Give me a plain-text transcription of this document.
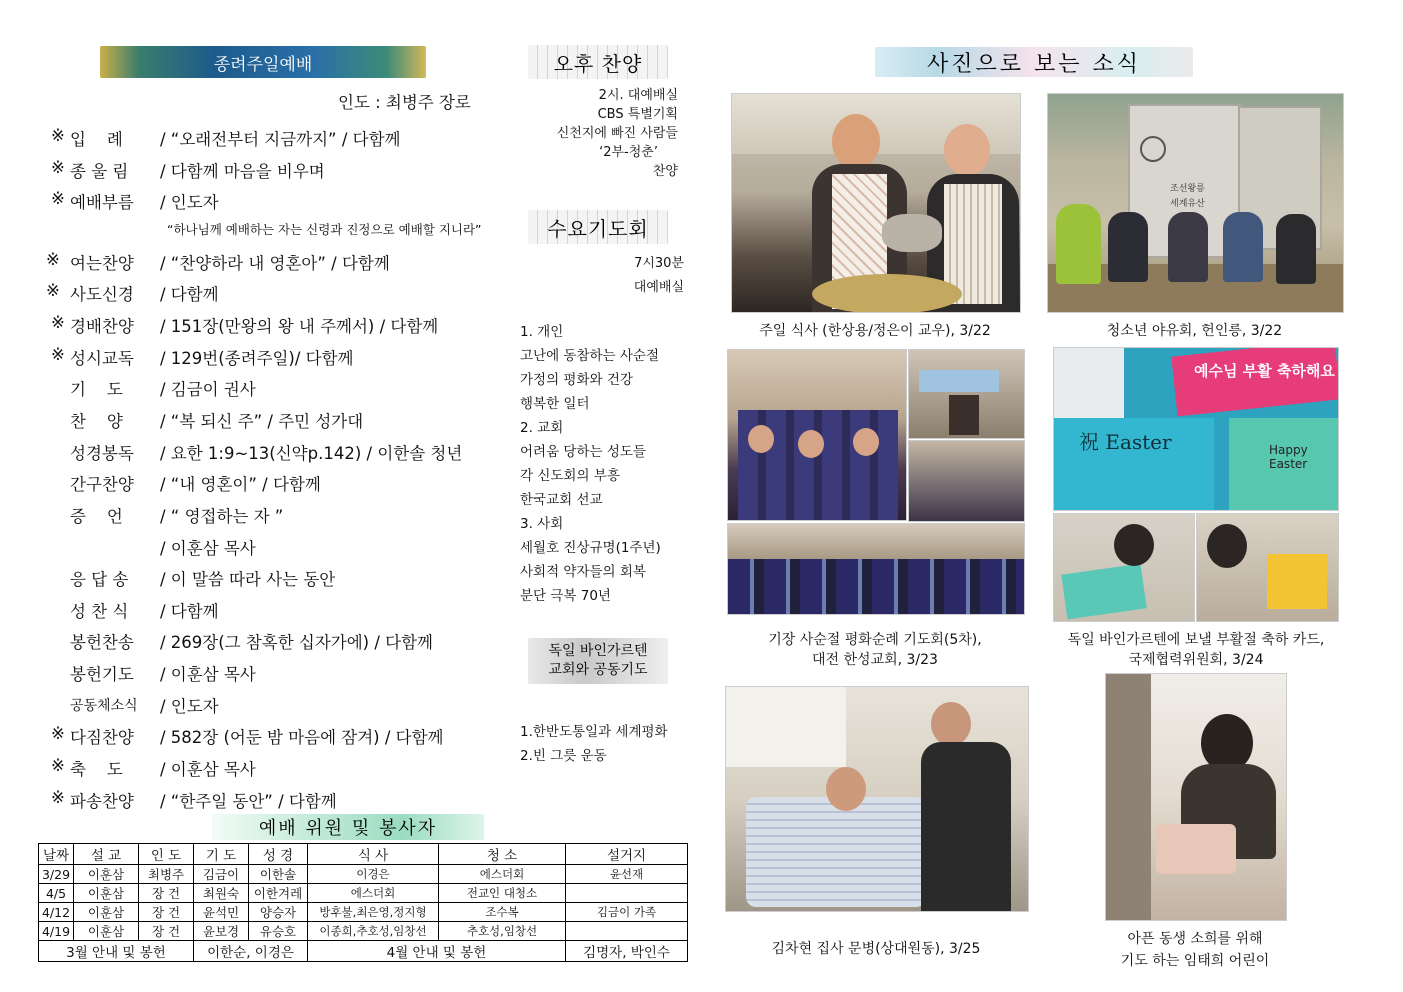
종려주일예배
인도 : 최병주 장로
※ 입    례	/ “오래전부터 지금까지” / 다함께
※ 종 울 림	/ 다함께 마음을 비우며
※ 예배부름	/ 인도자
※ 여는찬양	/ “찬양하라 내 영혼아” / 다함께
※ 사도신경	/ 다함께
※ 경배찬양	/ 151장(만왕의 왕 내 주께서) / 다함께
※ 성시교독	/ 129번(종려주일)/ 다함께
기    도	/ 김금이 권사
찬    양	/ “복 되신 주” / 주민 성가대
성경봉독	/ 요한 1:9~13(신약p.142) / 이한솔 청년
간구찬양	/ “내 영혼이” / 다함께
증    언	/ “ 영접하는 자 ”
/ 이훈삼 목사
응 답 송	/ 이 말씀 따라 사는 동안
성 찬 식	/ 다함께
봉헌찬송	/ 269장(그 참혹한 십자가에) / 다함께
봉헌기도	/ 이훈삼 목사
공동체소식	/ 인도자
※ 다짐찬양	/ 582장 (어둔 밤 마음에 잠겨) / 다함께
※ 축    도	/ 이훈삼 목사
※ 파송찬양	/ “한주일 동안” / 다함께
“하나님께 예배하는 자는 신령과 진정으로 예배할 지니라”
예배 위원 및 봉사자
날짜	설 교	인 도	기 도	성 경	식 사	청 소	설거지
3/29	이훈삼	최병주	김금이	이한솔	이경은	에스더회	윤선재
4/5	이훈삼	장 건	최원숙	이한겨레	에스더회	전교인 대청소	
4/12	이훈삼	장 건	윤석민	양승자	방후불,최은영,정지형	조수복	김금이 가족
4/19	이훈삼	장 건	윤보경	유승호	이종희,추호성,임창선	추호성,임창선	
3월 안내 및 봉헌			이한순, 이경은		4월 안내 및 봉헌		김명자, 박인수
오후 찬양
2시. 대예배실
CBS 특별기획
신천지에 빠진 사람들
‘2부-청춘’
찬양
수요기도회
7시30분
대예배실
1. 개인
고난에 동참하는 사순절
가정의 평화와 건강
행복한 일터
2. 교회
어려움 당하는 성도들
각 신도회의 부흥
한국교회 선교
3. 사회
세월호 진상규명(1주년)
사회적 약자들의 회복
분단 극복 70년
독일 바인가르텐
교회와 공동기도
1.한반도통일과 세계평화
2.빈 그릇 운동
사진으로 보는 소식
주일 식사 (한상용/정은이 교우), 3/22
조선왕릉
세계유산
청소년 야유회, 헌인릉, 3/22
기장 사순절 평화순례 기도회(5차),
대전 한성교회, 3/23
예수님 부활 축하해요
祝 Easter	Happy Easter
독일 바인가르텐에 보낼 부활절 축하 카드,
국제협력위원회, 3/24
김차현 집사 문병(상대원동), 3/25
아픈 동생 소희를 위해
기도 하는 임태희 어린이
